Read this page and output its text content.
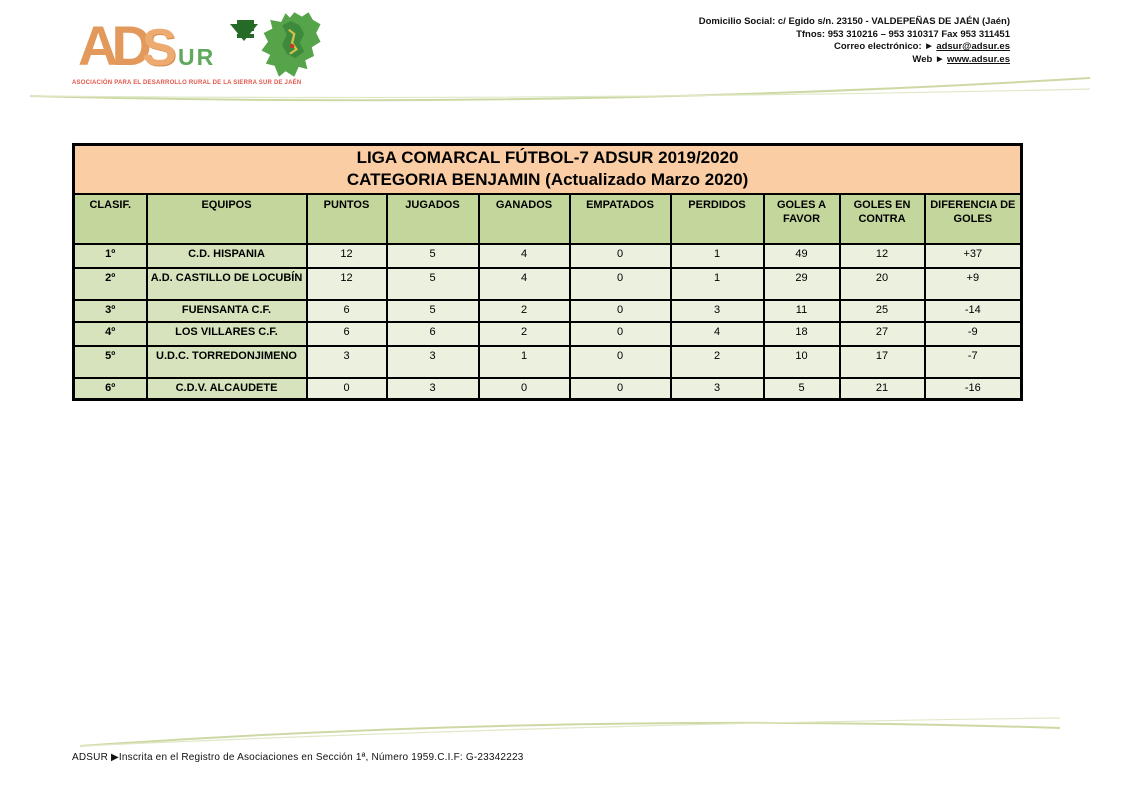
AD
S UR
ASOCIACIÓN PARA EL DESARROLLO RURAL DE LA SIERRA SUR DE JAÉN
Domicilio Social: c/ Egido s/n. 23150 - VALDEPEÑAS DE JAÉN (Jaén)
Tfnos: 953 310216 – 953 310317 Fax 953 311451
Correo electrónico: ▶ adsur@adsur.es
Web ▶ www.adsur.es
LIGA COMARCAL FÚTBOL-7 ADSUR 2019/2020
CATEGORIA BENJAMIN (Actualizado Marzo 2020)									

CLASIF.	EQUIPOS	PUNTOS	JUGADOS	GANADOS	EMPATADOS	PERDIDOS	GOLES A FAVOR	GOLES EN CONTRA	DIFERENCIA DE GOLES
1º	C.D. HISPANIA	12	5	4	0	1	49	12	+37
2º	A.D. CASTILLO DE LOCUBÍN	12	5	4	0	1	29	20	+9
3º	FUENSANTA C.F.	6	5	2	0	3	11	25	-14
4º	LOS VILLARES C.F.	6	6	2	0	4	18	27	-9
5º	U.D.C. TORREDONJIMENO	3	3	1	0	2	10	17	-7
6º	C.D.V. ALCAUDETE	0	3	0	0	3	5	21	-16
ADSUR ▶Inscrita en el Registro de Asociaciones en Sección 1ª, Número 1959.C.I.F: G-23342223
